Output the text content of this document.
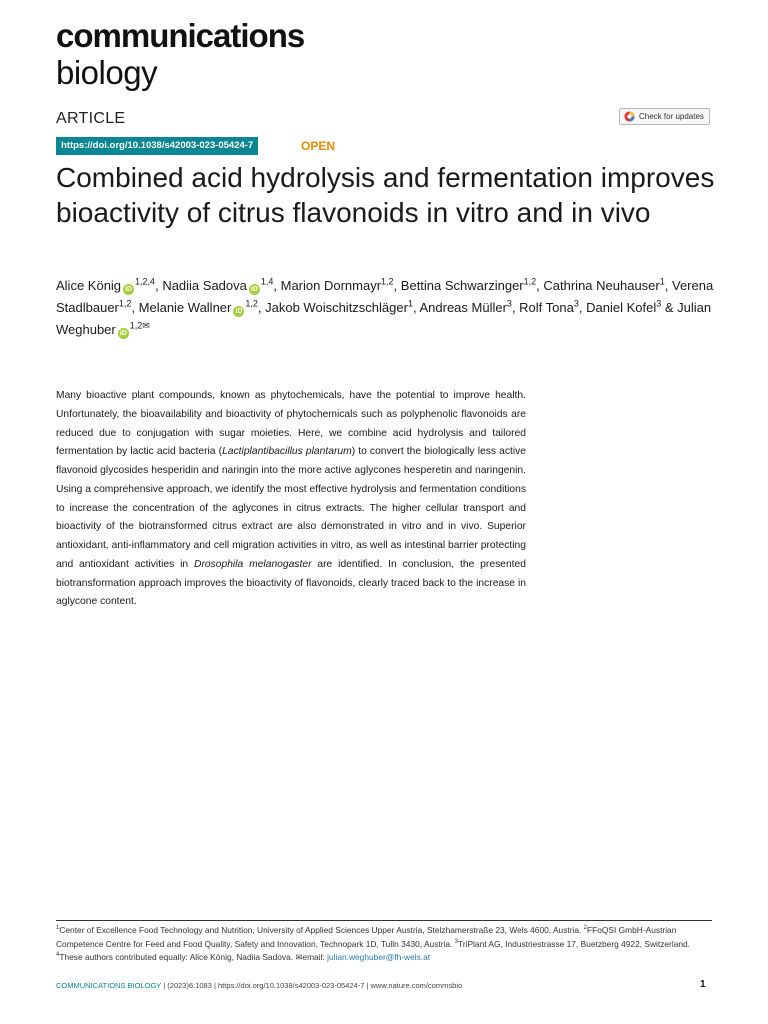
communications
biology
ARTICLE	Check for updates
https://doi.org/10.1038/s42003-023-05424-7	OPEN
Combined acid hydrolysis and fermentation improves bioactivity of citrus flavonoids in vitro and in vivo
Alice König iD$^{1,2,4}$, Nadiia Sadova iD$^{1,4}$, Marion Dornmayr$^{1,2}$, Bettina Schwarzinger$^{1,2}$, Cathrina Neuhauser$^1$, Verena Stadlbauer$^{1,2}$, Melanie Wallner iD$^{1,2}$, Jakob Woischitzschläger$^1$, Andreas Müller$^3$, Rolf Tona$^3$, Daniel Kofel$^3$ & Julian Weghuber $iD^{1,2✉}$

Many bioactive plant compounds, known as phytochemicals, have the potential to improve health. Unfortunately, the bioavailability and bioactivity of phytochemicals such as polyphenolic flavonoids are reduced due to conjugation with sugar moieties. Here, we combine acid hydrolysis and tailored fermentation by lactic acid bacteria (Lactiplantibacillus plantarum) to convert the biologically less active flavonoid glycosides hesperidin and naringin into the more active aglycones hesperetin and naringenin. Using a comprehensive approach, we identify the most effective hydrolysis and fermentation conditions to increase the concentration of the aglycones in citrus extracts. The higher cellular transport and bioactivity of the biotransformed citrus extract are also demonstrated in vitro and in vivo. Superior antioxidant, anti-inflammatory and cell migration activities in vitro, as well as intestinal barrier protecting and antioxidant activities in Drosophila melanogaster are identified. In conclusion, the presented biotransformation approach improves the bioactivity of flavonoids, clearly traced back to the increase in aglycone content.

$^1$Center of Excellence Food Technology and Nutrition, University of Applied Sciences Upper Austria, Stelzhamerstraße 23, Wels 4600, Austria. $^2$FFoQSI GmbH-Austrian Competence Centre for Feed and Food Quality, Safety and Innovation, Technopark 1D, Tulln 3430, Austria. $^3$TriPlant AG, Industriestrasse 17, Buetzberg 4922, Switzerland. $^4$These authors contributed equally: Alice König, Nadiia Sadova. ✉email: julian.weghuber@fh-wels.at
COMMUNICATIONS BIOLOGY | (2023)6:1083 | https://doi.org/10.1038/s42003-023-05424-7 | www.nature.com/commsbio	1
